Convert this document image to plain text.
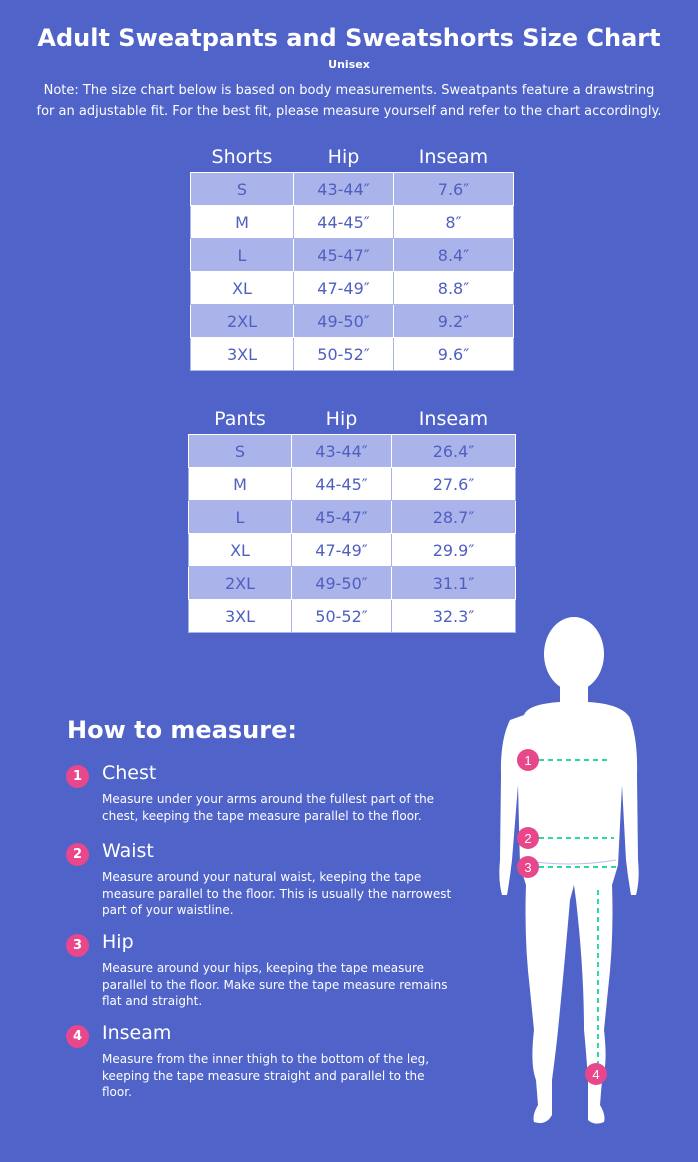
Adult Sweatpants and Sweatshorts Size Chart
Unisex
Note: The size chart below is based on body measurements. Sweatpants feature a drawstring
for an adjustable fit. For the best fit, please measure yourself and refer to the chart accordingly.
Shorts	Hip	Inseam
S	43-44″	7.6″
M	44-45″	8″
L	45-47″	8.4″
XL	47-49″	8.8″
2XL	49-50″	9.2″
3XL	50-52″	9.6″
Pants	Hip	Inseam
S	43-44″	26.4″
M	44-45″	27.6″
L	45-47″	28.7″
XL	47-49″	29.9″
2XL	49-50″	31.1″
3XL	50-52″	32.3″
How to measure:
1	Chest
Measure under your arms around the fullest part of the chest, keeping the tape measure parallel to the floor.
2	Waist
Measure around your natural waist, keeping the tape measure parallel to the floor. This is usually the narrowest part of your waistline.
3	Hip
Measure around your hips, keeping the tape measure parallel to the floor. Make sure the tape measure remains flat and straight.
4	Inseam
Measure from the inner thigh to the bottom of the leg, keeping the tape measure straight and parallel to the floor.
1
2
3
4
